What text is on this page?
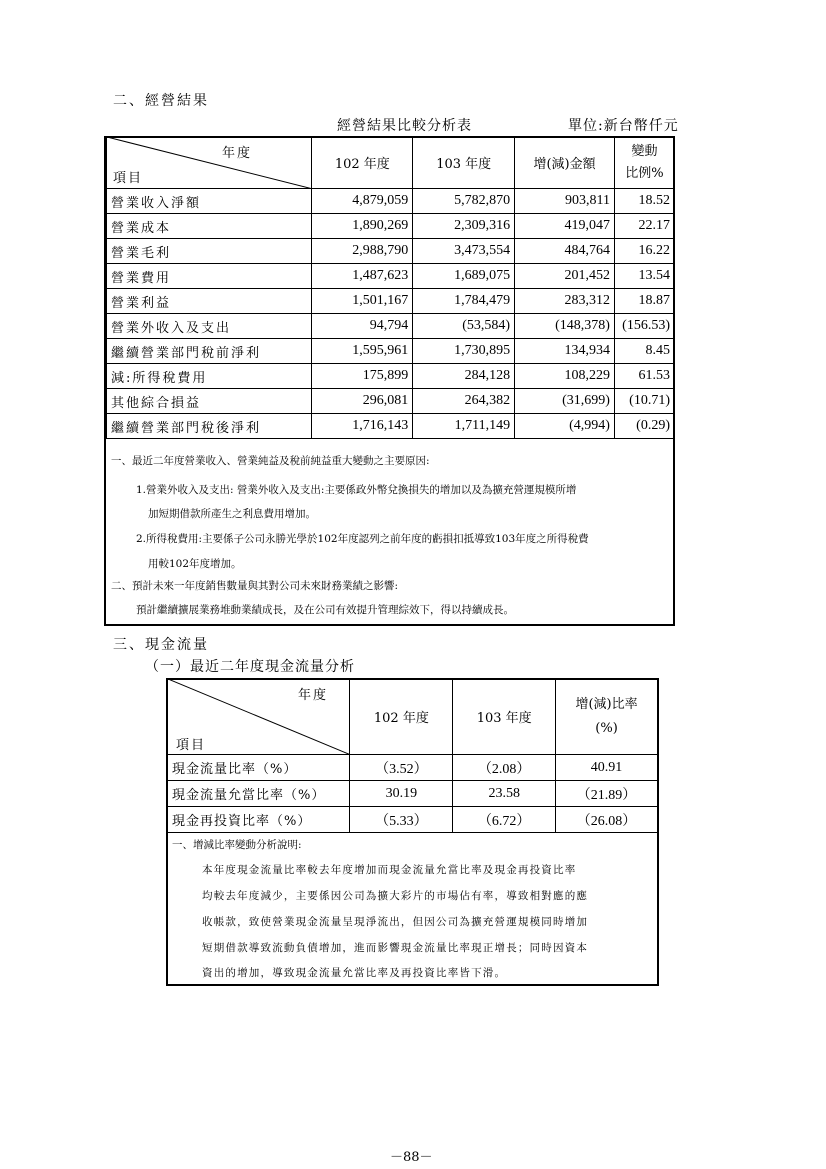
二、經營結果
經營結果比較分析表	單位:新台幣仟元
年度
項目	102 年度	103 年度	增(減)金額	變動
比例%
營業收入淨額	4,879,059	5,782,870	903,811	18.52
營業成本	1,890,269	2,309,316	419,047	22.17
營業毛利	2,988,790	3,473,554	484,764	16.22
營業費用	1,487,623	1,689,075	201,452	13.54
營業利益	1,501,167	1,784,479	283,312	18.87
營業外收入及支出	94,794	(53,584)	(148,378)	(156.53)
繼續營業部門稅前淨利	1,595,961	1,730,895	134,934	8.45
減:所得稅費用	175,899	284,128	108,229	61.53
其他綜合損益	296,081	264,382	(31,699)	(10.71)
繼續營業部門稅後淨利	1,716,143	1,711,149	(4,994)	(0.29)
一、最近二年度營業收入、營業純益及稅前純益重大變動之主要原因:
1.營業外收入及支出: 營業外收入及支出:主要係政外幣兌換損失的增加以及為擴充營運規模所增
加短期借款所產生之利息費用增加。
2.所得稅費用:主要係子公司永勝光學於102年度認列之前年度的虧損扣抵導致103年度之所得稅費
用較102年度增加。
二、預計未來一年度銷售數量與其對公司未來財務業績之影響:
預計繼續擴展業務堆動業績成長，及在公司有效提升管理綜效下，得以持續成長。
三、現金流量
（一）最近二年度現金流量分析
年度
項目	102 年度	103 年度	增(減)比率
(%)
現金流量比率（%）	（3.52）	（2.08）	40.91
現金流量允當比率（%）	30.19	23.58	（21.89）
現金再投資比率（%）	（5.33）	（6.72）	（26.08）
一、增減比率變動分析說明:
本年度現金流量比率較去年度增加而現金流量允當比率及現金再投資比率
均較去年度減少，主要係因公司為擴大彩片的市場佔有率，導致相對應的應
收帳款，致使營業現金流量呈現淨流出，但因公司為擴充營運規模同時增加
短期借款導致流動負債增加，進而影響現金流量比率現正增長；同時因資本
資出的增加，導致現金流量允當比率及再投資比率皆下滑。
－88－
